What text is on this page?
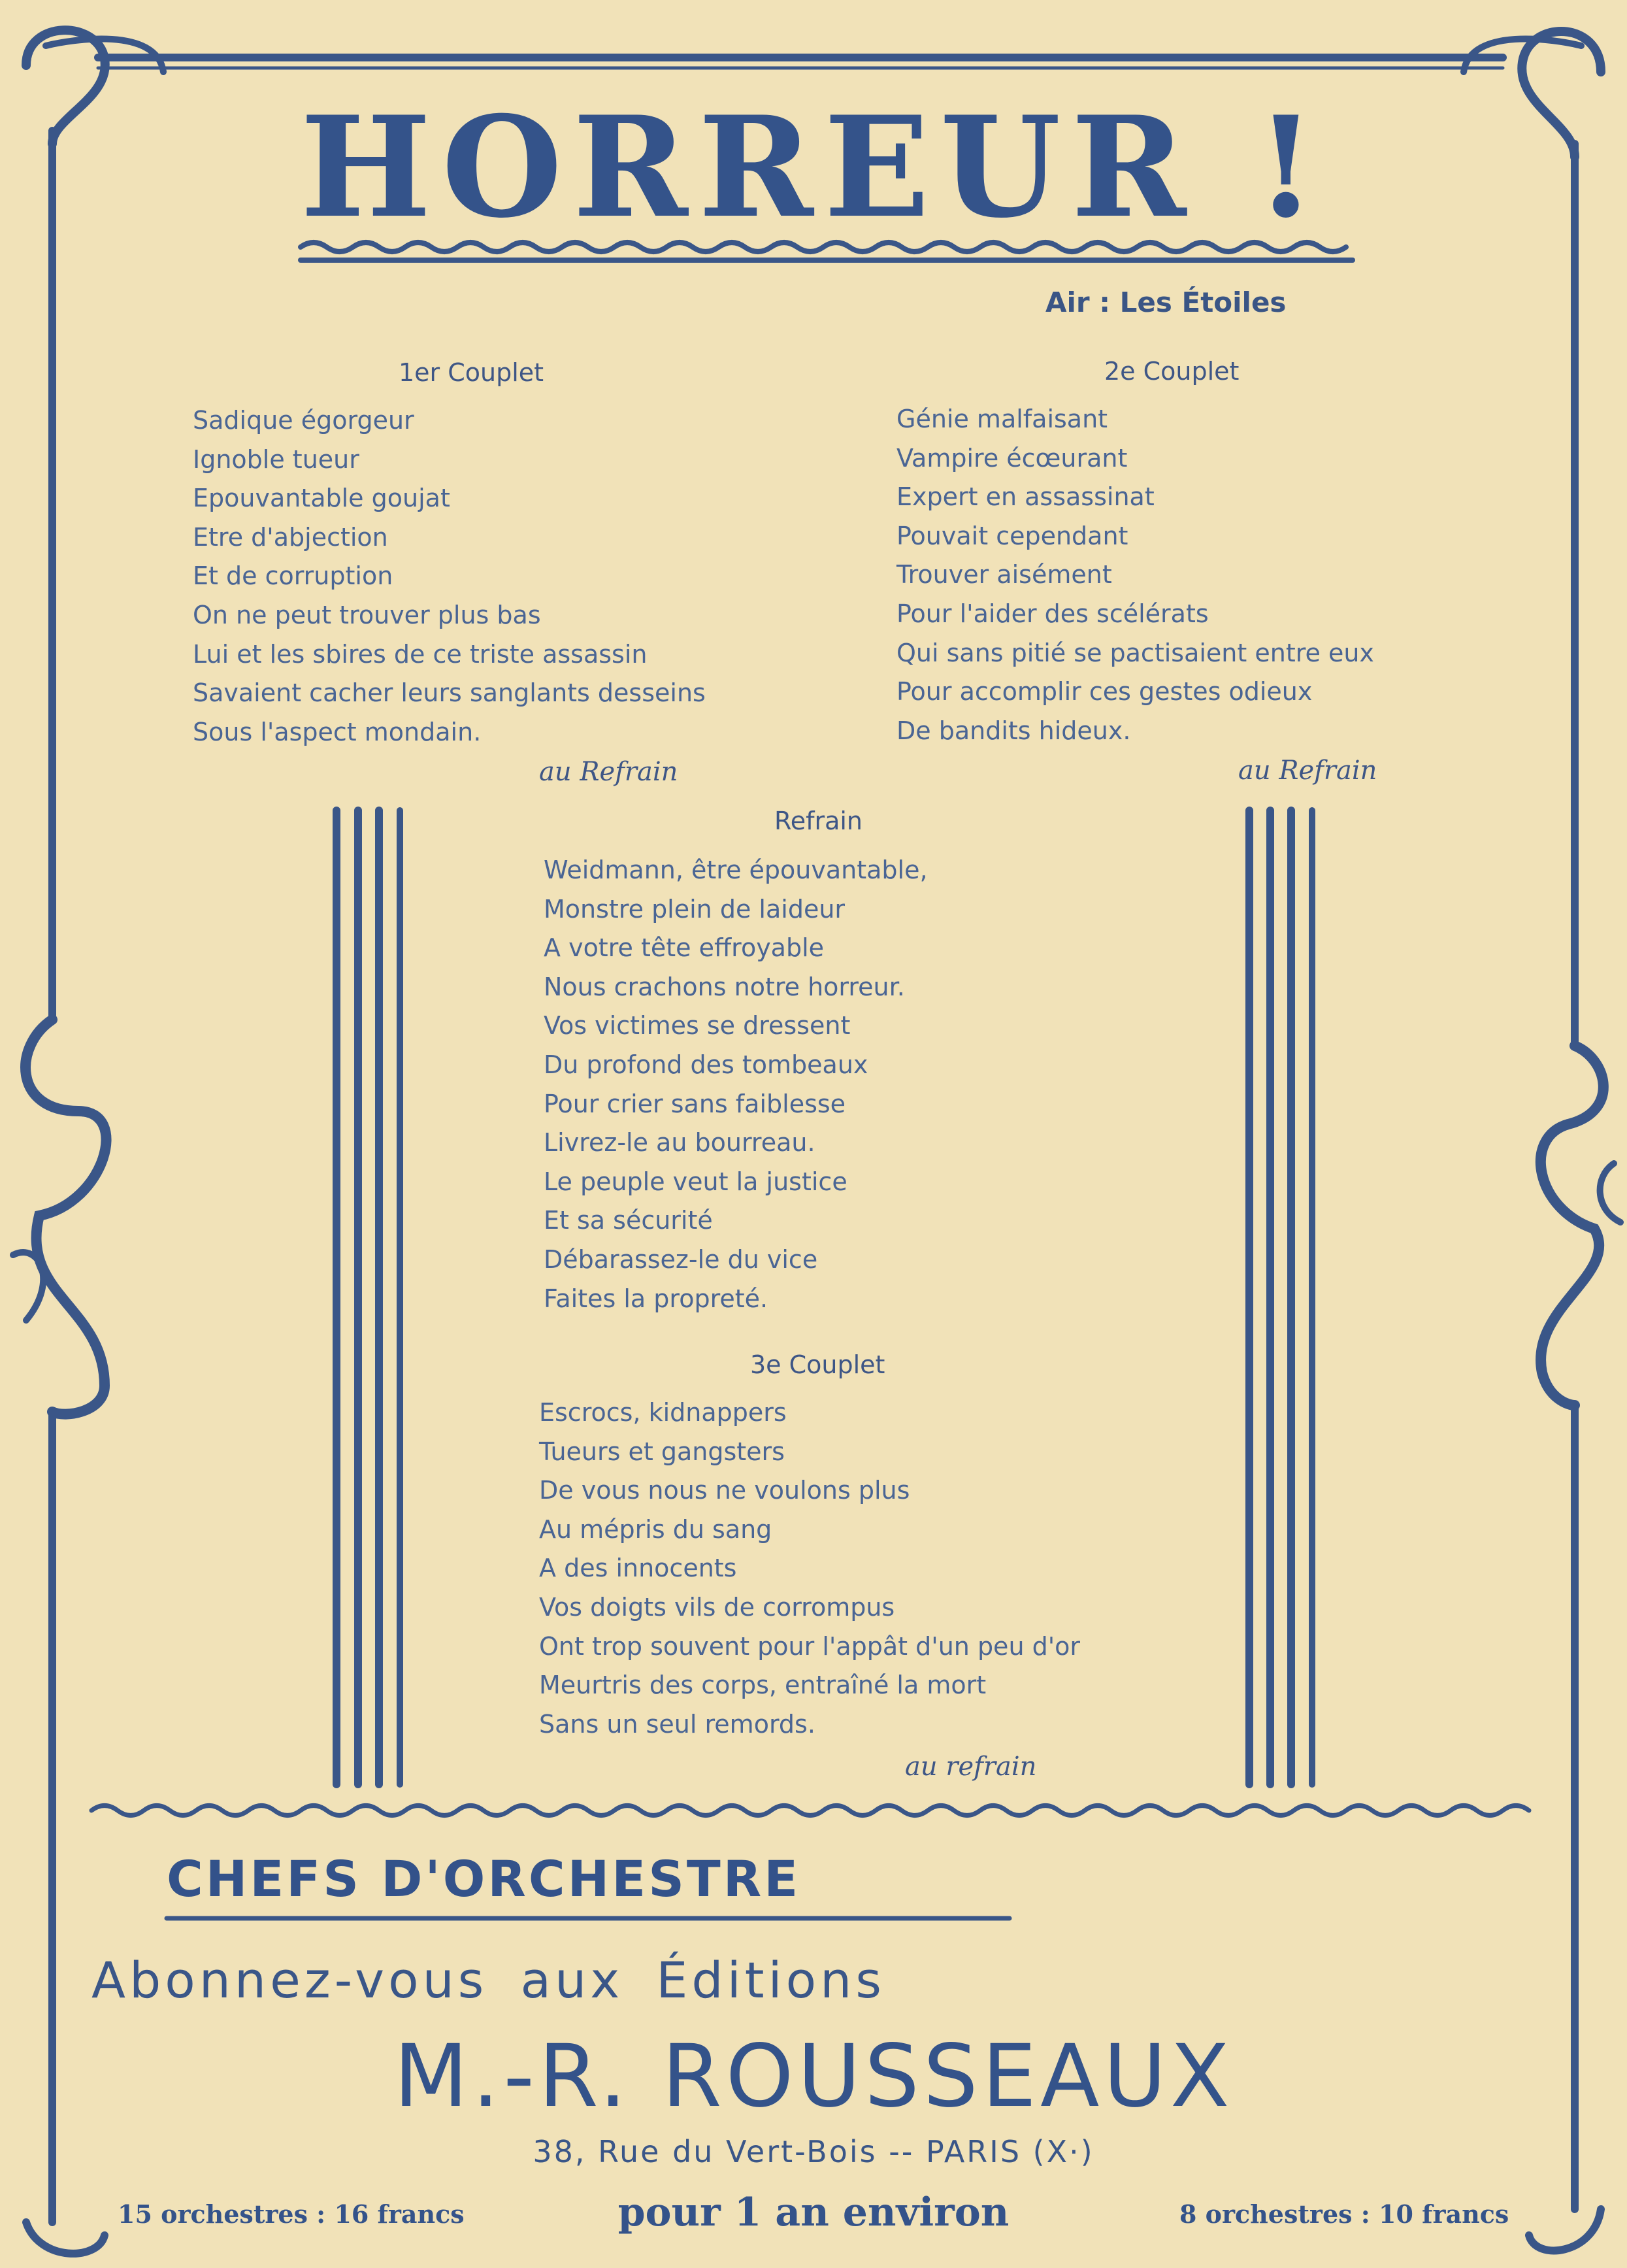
HORREUR !
Air : Les Étoiles
1er Couplet
Sadique égorgeur
Ignoble tueur
Epouvantable goujat
Etre d'abjection
Et de corruption
On ne peut trouver plus bas
Lui et les sbires de ce triste assassin
Savaient cacher leurs sanglants desseins
Sous l'aspect mondain.
au Refrain
2e Couplet
Génie malfaisant
Vampire écœurant
Expert en assassinat
Pouvait cependant
Trouver aisément
Pour l'aider des scélérats
Qui sans pitié se pactisaient entre eux
Pour accomplir ces gestes odieux
De bandits hideux.
au Refrain
Refrain
Weidmann, être épouvantable,
Monstre plein de laideur
A votre tête effroyable
Nous crachons notre horreur.
Vos victimes se dressent
Du profond des tombeaux
Pour crier sans faiblesse
Livrez-le au bourreau.
Le peuple veut la justice
Et sa sécurité
Débarassez-le du vice
Faites la propreté.
3e Couplet
Escrocs, kidnappers
Tueurs et gangsters
De vous nous ne voulons plus
Au mépris du sang
A des innocents
Vos doigts vils de corrompus
Ont trop souvent pour l'appât d'un peu d'or
Meurtris des corps, entraîné la mort
Sans un seul remords.
au refrain
CHEFS D'ORCHESTRE
Abonnez-vous aux Éditions
M.-R. ROUSSEAUX
38, Rue du Vert-Bois -- PARIS (X·)
15 orchestres : 16 francs	pour 1 an environ	8 orchestres : 10 francs
